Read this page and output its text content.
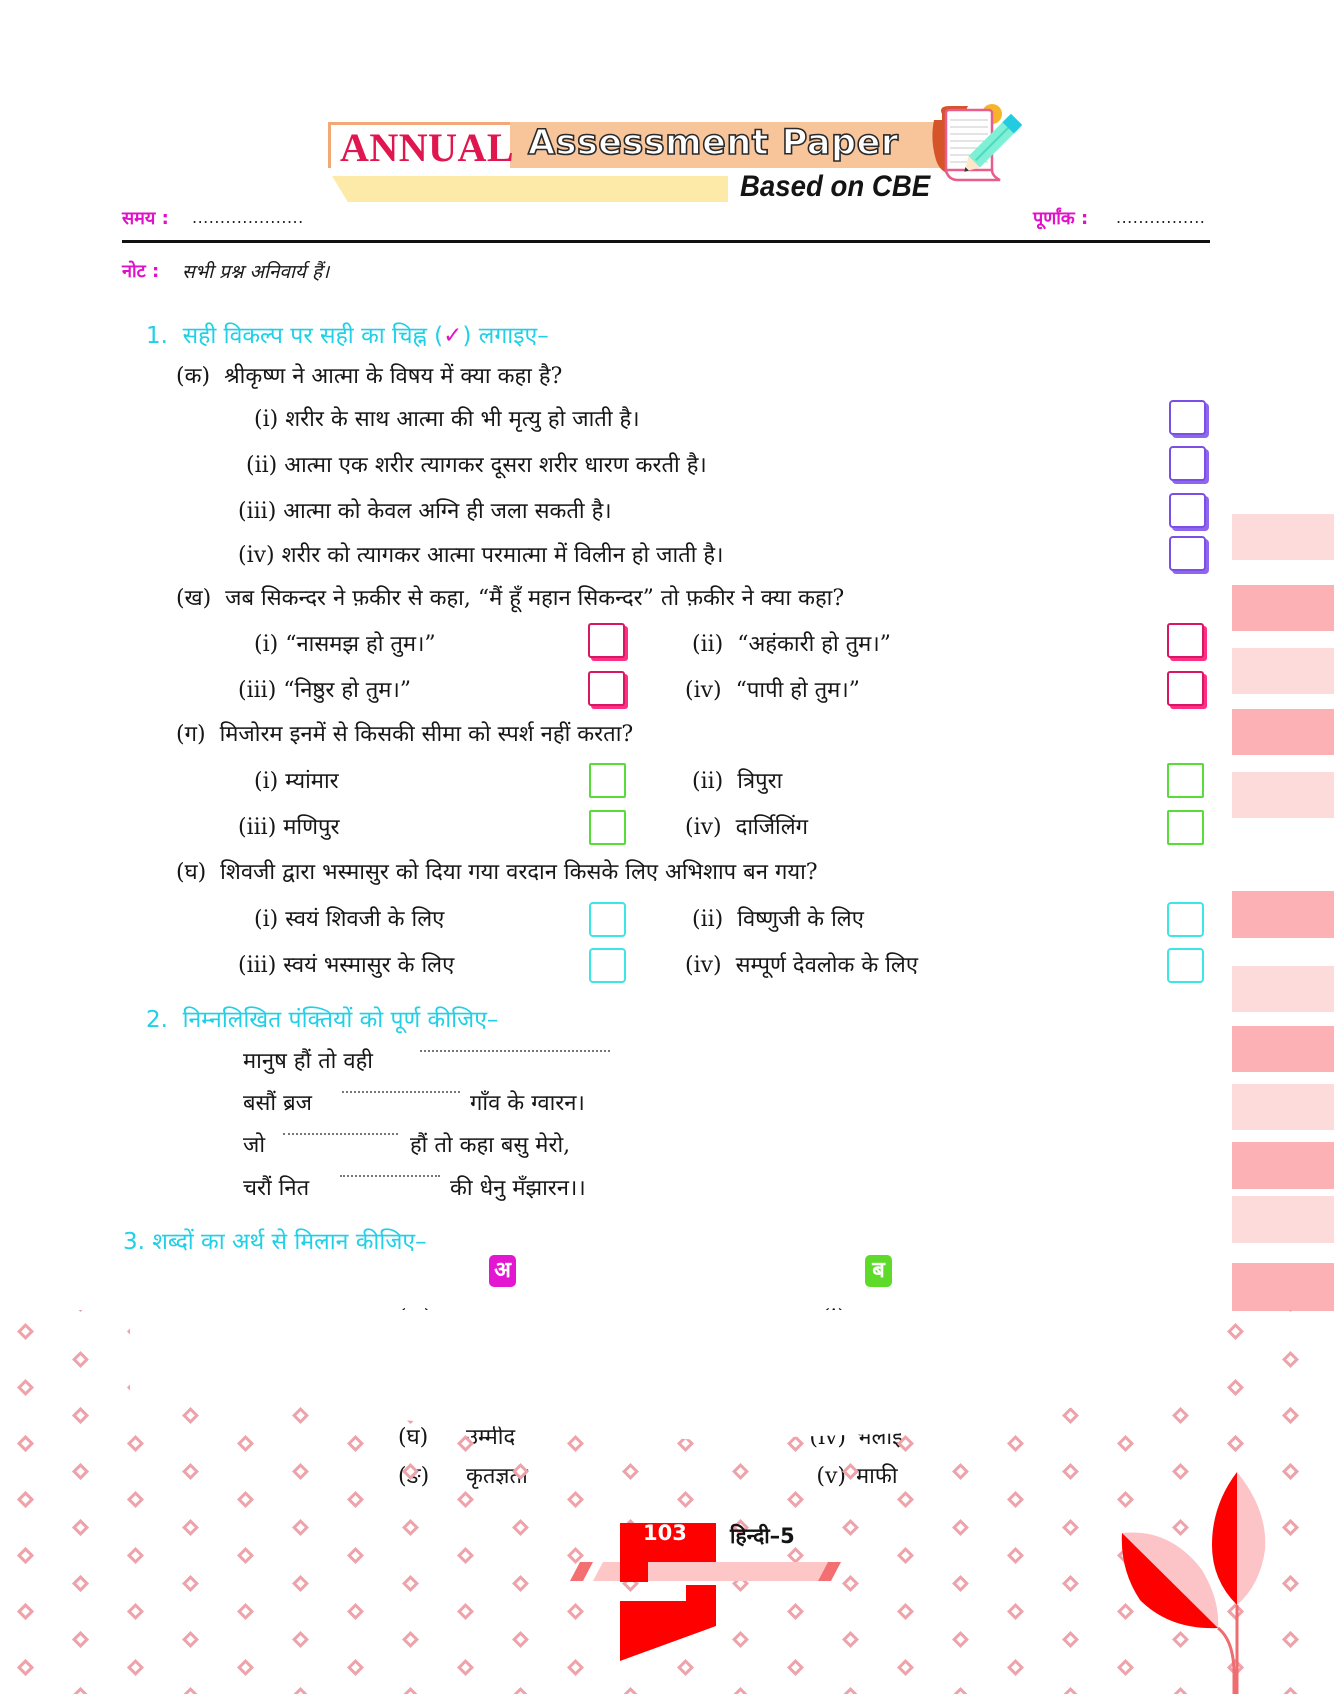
ANNUAL Assessment Paper
Based on CBE
समय : ....................	पूर्णांक : ................
नोट : सभी प्रश्न अनिवार्य हैं।
1. सही विकल्प पर सही का चिह्न (✓) लगाइए–
(क) श्रीकृष्ण ने आत्मा के विषय में क्या कहा है?
(i) शरीर के साथ आत्मा की भी मृत्यु हो जाती है।
(ii) आत्मा एक शरीर त्यागकर दूसरा शरीर धारण करती है।
(iii) आत्मा को केवल अग्नि ही जला सकती है।
(iv) शरीर को त्यागकर आत्मा परमात्मा में विलीन हो जाती है।
(ख) जब सिकन्दर ने फ़कीर से कहा, “मैं हूँ महान सिकन्दर” तो फ़कीर ने क्या कहा?
(i) “नासमझ हो तुम।”	(ii) “अहंकारी हो तुम।”
(iii) “निष्ठुर हो तुम।”	(iv) “पापी हो तुम।”
(ग) मिजोरम इनमें से किसकी सीमा को स्पर्श नहीं करता?
(i) म्यांमार	(ii) त्रिपुरा
(iii) मणिपुर	(iv) दार्जिलिंग
(घ) शिवजी द्वारा भस्मासुर को दिया गया वरदान किसके लिए अभिशाप बन गया?
(i) स्वयं शिवजी के लिए	(ii) विष्णुजी के लिए
(iii) स्वयं भस्मासुर के लिए	(iv) सम्पूर्ण देवलोक के लिए
2. निम्नलिखित पंक्तियों को पूर्ण कीजिए–
मानुष हौं तो वही
बसौं ब्रज	गाँव के ग्वारन।
जो	हौं तो कहा बसु मेरो,
चरौं नित	की धेनु मँझारन।।
3. शब्दों का अर्थ से मिलान कीजिए–
अ	ब
103 हिन्दी–5
